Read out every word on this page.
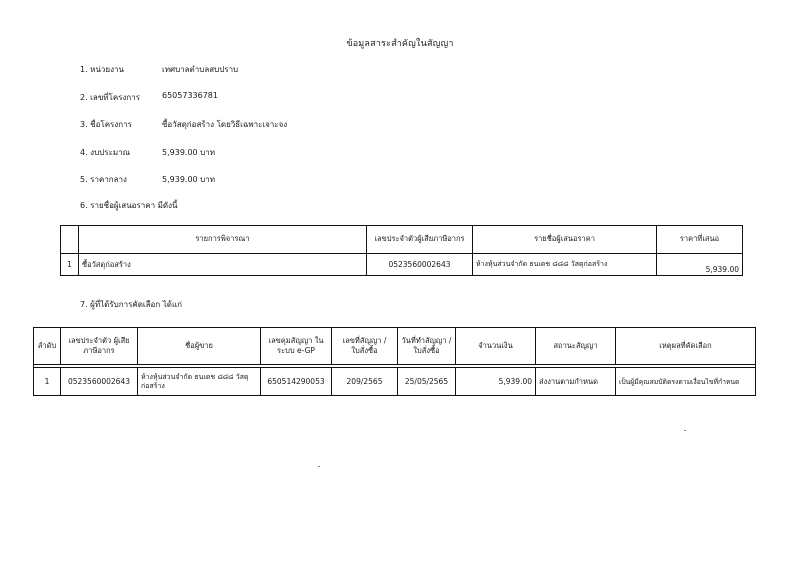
ข้อมูลสาระสำคัญในสัญญา
1. หน่วยงาน	เทศบาลตำบลสบปราบ
2. เลขที่โครงการ	65057336781
3. ชื่อโครงการ	ซื้อวัสดุก่อสร้าง โดยวิธีเฉพาะเจาะจง
4. งบประมาณ	5,939.00 บาท
5. ราคากลาง	5,939.00 บาท
6. รายชื่อผู้เสนอราคา มีดังนี้
	รายการพิจารณา	เลขประจำตัวผู้เสียภาษีอากร	รายชื่อผู้เสนอราคา	ราคาที่เสนอ
1	ซื้อวัสดุก่อสร้าง	0523560002643	ห้างหุ้นส่วนจำกัด ธนเดช ๘๘๘ วัสดุก่อสร้าง	5,939.00
7. ผู้ที่ได้รับการคัดเลือก ได้แก่
ลำดับ	เลขประจำตัว ผู้เสียภาษีอากร	ชื่อผู้ขาย	เลขคุมสัญญา ในระบบ e-GP	เลขที่สัญญา / ใบสั่งซื้อ	วันที่ทำสัญญา / ใบสั่งซื้อ	จำนวนเงิน	สถานะสัญญา	เหตุผลที่คัดเลือก

1	0523560002643	ห้างหุ้นส่วนจำกัด ธนเดช ๘๘๘ วัสดุก่อสร้าง	650514290053	209/2565	25/05/2565	5,939.00	ส่งงานตามกำหนด	เป็นผู้มีคุณสมบัติตรงตามเงื่อนไขที่กำหนด
